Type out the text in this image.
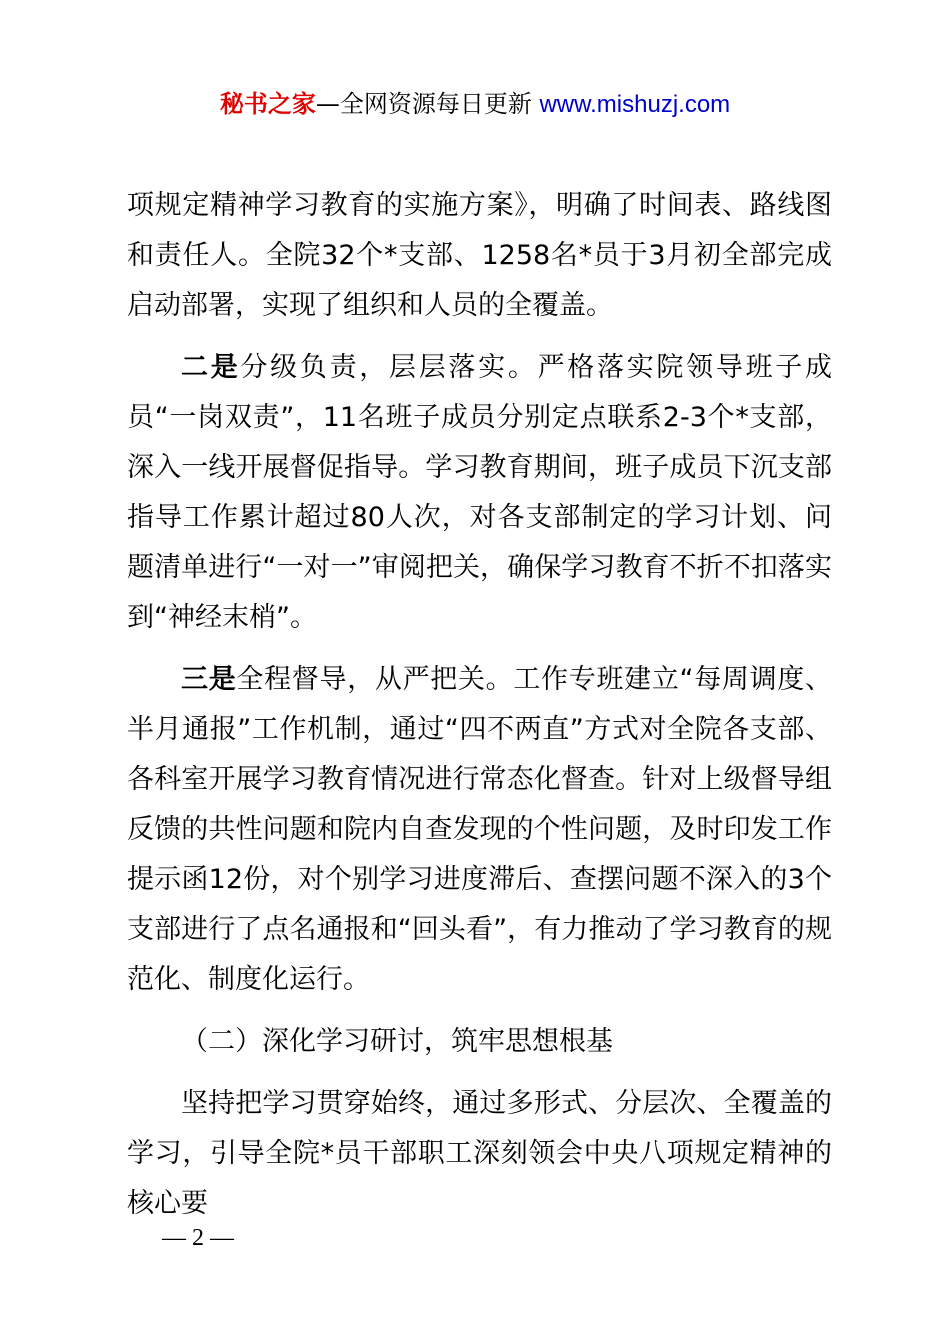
秘书之家—全网资源每日更新 www.mishuzj.com

项规定精神学习教育的实施方案》，明确了时间表、路线图和责任人。全院32个*支部、1258名*员于3月初全部完成启动部署，实现了组织和人员的全覆盖。

二是分级负责，层层落实。严格落实院领导班子成员“一岗双责”，11名班子成员分别定点联系2-3个*支部，深入一线开展督促指导。学习教育期间，班子成员下沉支部指导工作累计超过80人次，对各支部制定的学习计划、问题清单进行“一对一”审阅把关，确保学习教育不折不扣落实到“神经末梢”。

三是全程督导，从严把关。工作专班建立“每周调度、半月通报”工作机制，通过“四不两直”方式对全院各支部、各科室开展学习教育情况进行常态化督查。针对上级督导组反馈的共性问题和院内自查发现的个性问题，及时印发工作提示函12份，对个别学习进度滞后、查摆问题不深入的3个支部进行了点名通报和“回头看”，有力推动了学习教育的规范化、制度化运行。

（二）深化学习研讨，筑牢思想根基

坚持把学习贯穿始终，通过多形式、分层次、全覆盖的学习，引导全院*员干部职工深刻领会中央八项规定精神的核心要

— 2 —
